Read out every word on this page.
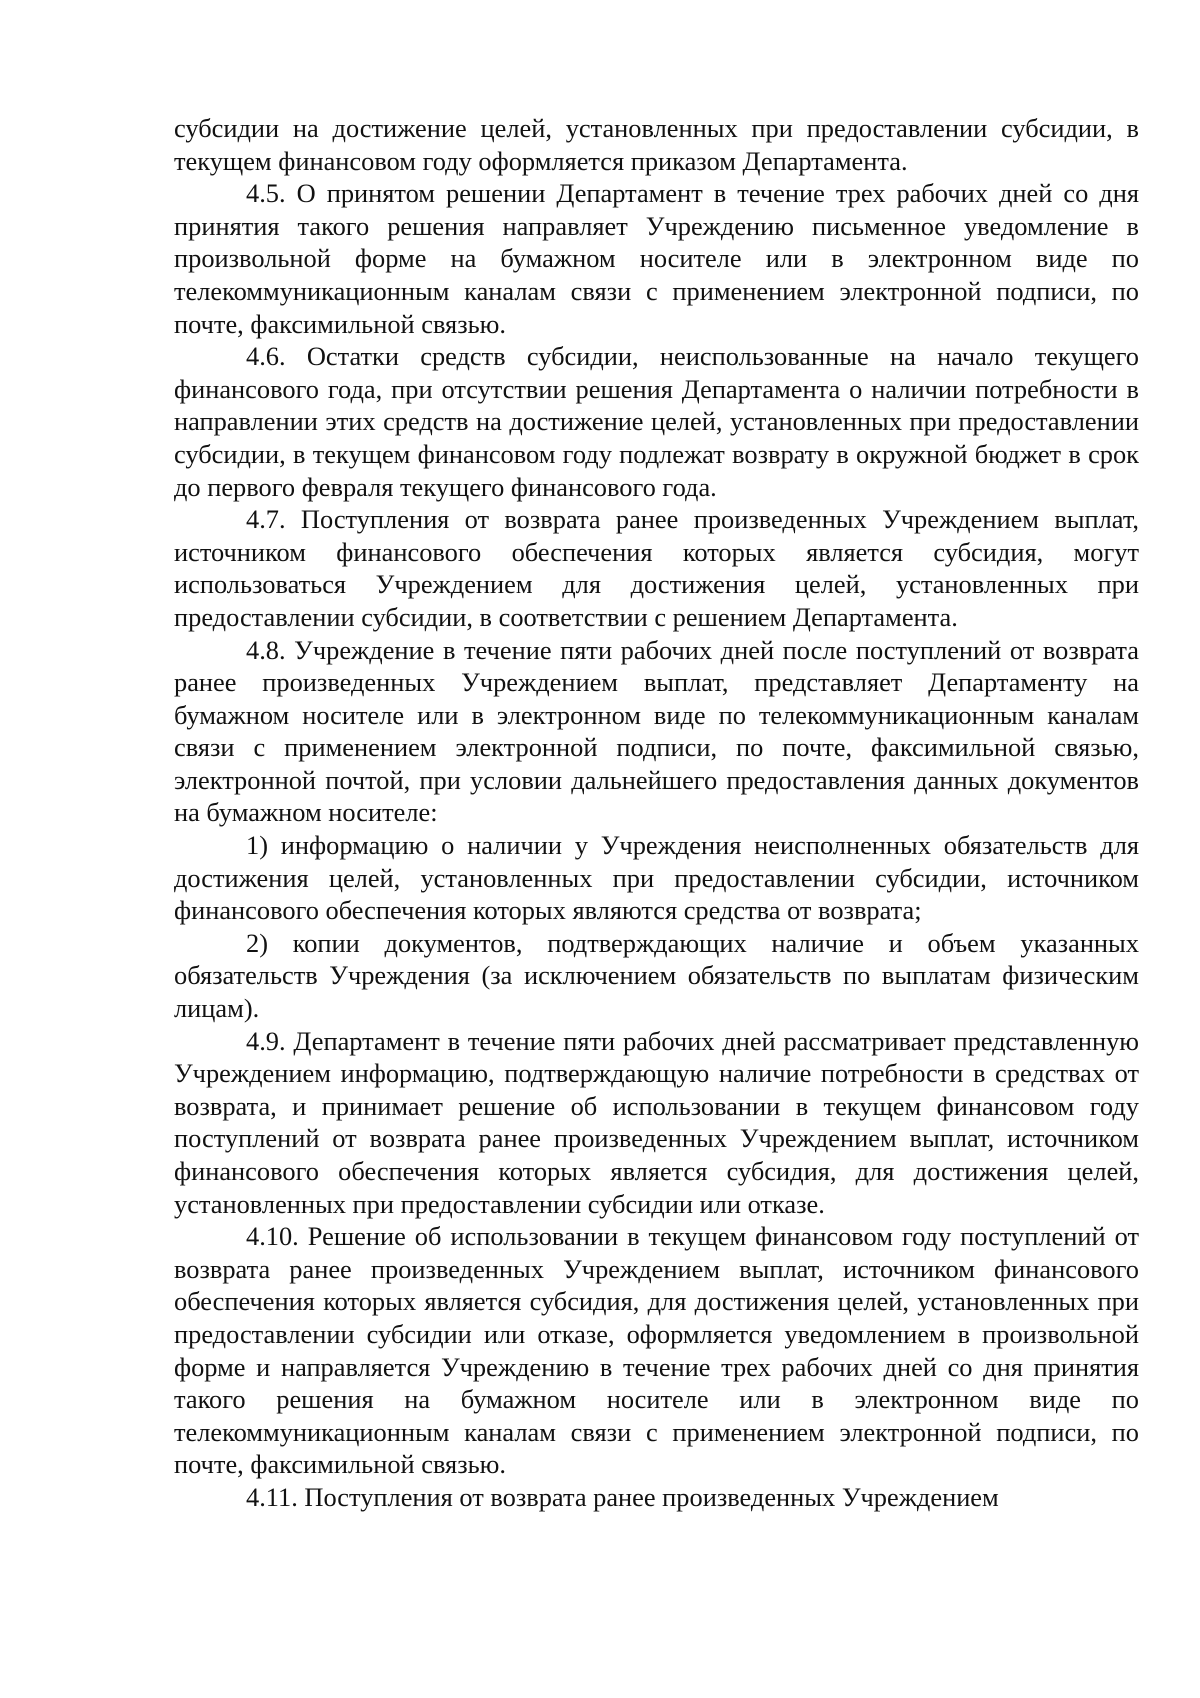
субсидии на достижение целей, установленных при предоставлении субсидии, в текущем финансовом году оформляется приказом Департамента.

4.5. О принятом решении Департамент в течение трех рабочих дней со дня принятия такого решения направляет Учреждению письменное уведомление в произвольной форме на бумажном носителе или в электронном виде по телекоммуникационным каналам связи с применением электронной подписи, по почте, факсимильной связью.

4.6. Остатки средств субсидии, неиспользованные на начало текущего финансового года, при отсутствии решения Департамента о наличии потребности в направлении этих средств на достижение целей, установленных при предоставлении субсидии, в текущем финансовом году подлежат возврату в окружной бюджет в срок до первого февраля текущего финансового года.

4.7. Поступления от возврата ранее произведенных Учреждением выплат, источником финансового обеспечения которых является субсидия, могут использоваться Учреждением для достижения целей, установленных при предоставлении субсидии, в соответствии с решением Департамента.

4.8. Учреждение в течение пяти рабочих дней после поступлений от возврата ранее произведенных Учреждением выплат, представляет Департаменту на бумажном носителе или в электронном виде по телекоммуникационным каналам связи с применением электронной подписи, по почте, факсимильной связью, электронной почтой, при условии дальнейшего предоставления данных документов на бумажном носителе:

1) информацию о наличии у Учреждения неисполненных обязательств для достижения целей, установленных при предоставлении субсидии, источником финансового обеспечения которых являются средства от возврата;

2) копии документов, подтверждающих наличие и объем указанных обязательств Учреждения (за исключением обязательств по выплатам физическим лицам).

4.9. Департамент в течение пяти рабочих дней рассматривает представленную Учреждением информацию, подтверждающую наличие потребности в средствах от возврата, и принимает решение об использовании в текущем финансовом году поступлений от возврата ранее произведенных Учреждением выплат, источником финансового обеспечения которых является субсидия, для достижения целей, установленных при предоставлении субсидии или отказе.

4.10. Решение об использовании в текущем финансовом году поступлений от возврата ранее произведенных Учреждением выплат, источником финансового обеспечения которых является субсидия, для достижения целей, установленных при предоставлении субсидии или отказе, оформляется уведомлением в произвольной форме и направляется Учреждению в течение трех рабочих дней со дня принятия такого решения на бумажном носителе или в электронном виде по телекоммуникационным каналам связи с применением электронной подписи, по почте, факсимильной связью.

4.11. Поступления от возврата ранее произведенных Учреждением
